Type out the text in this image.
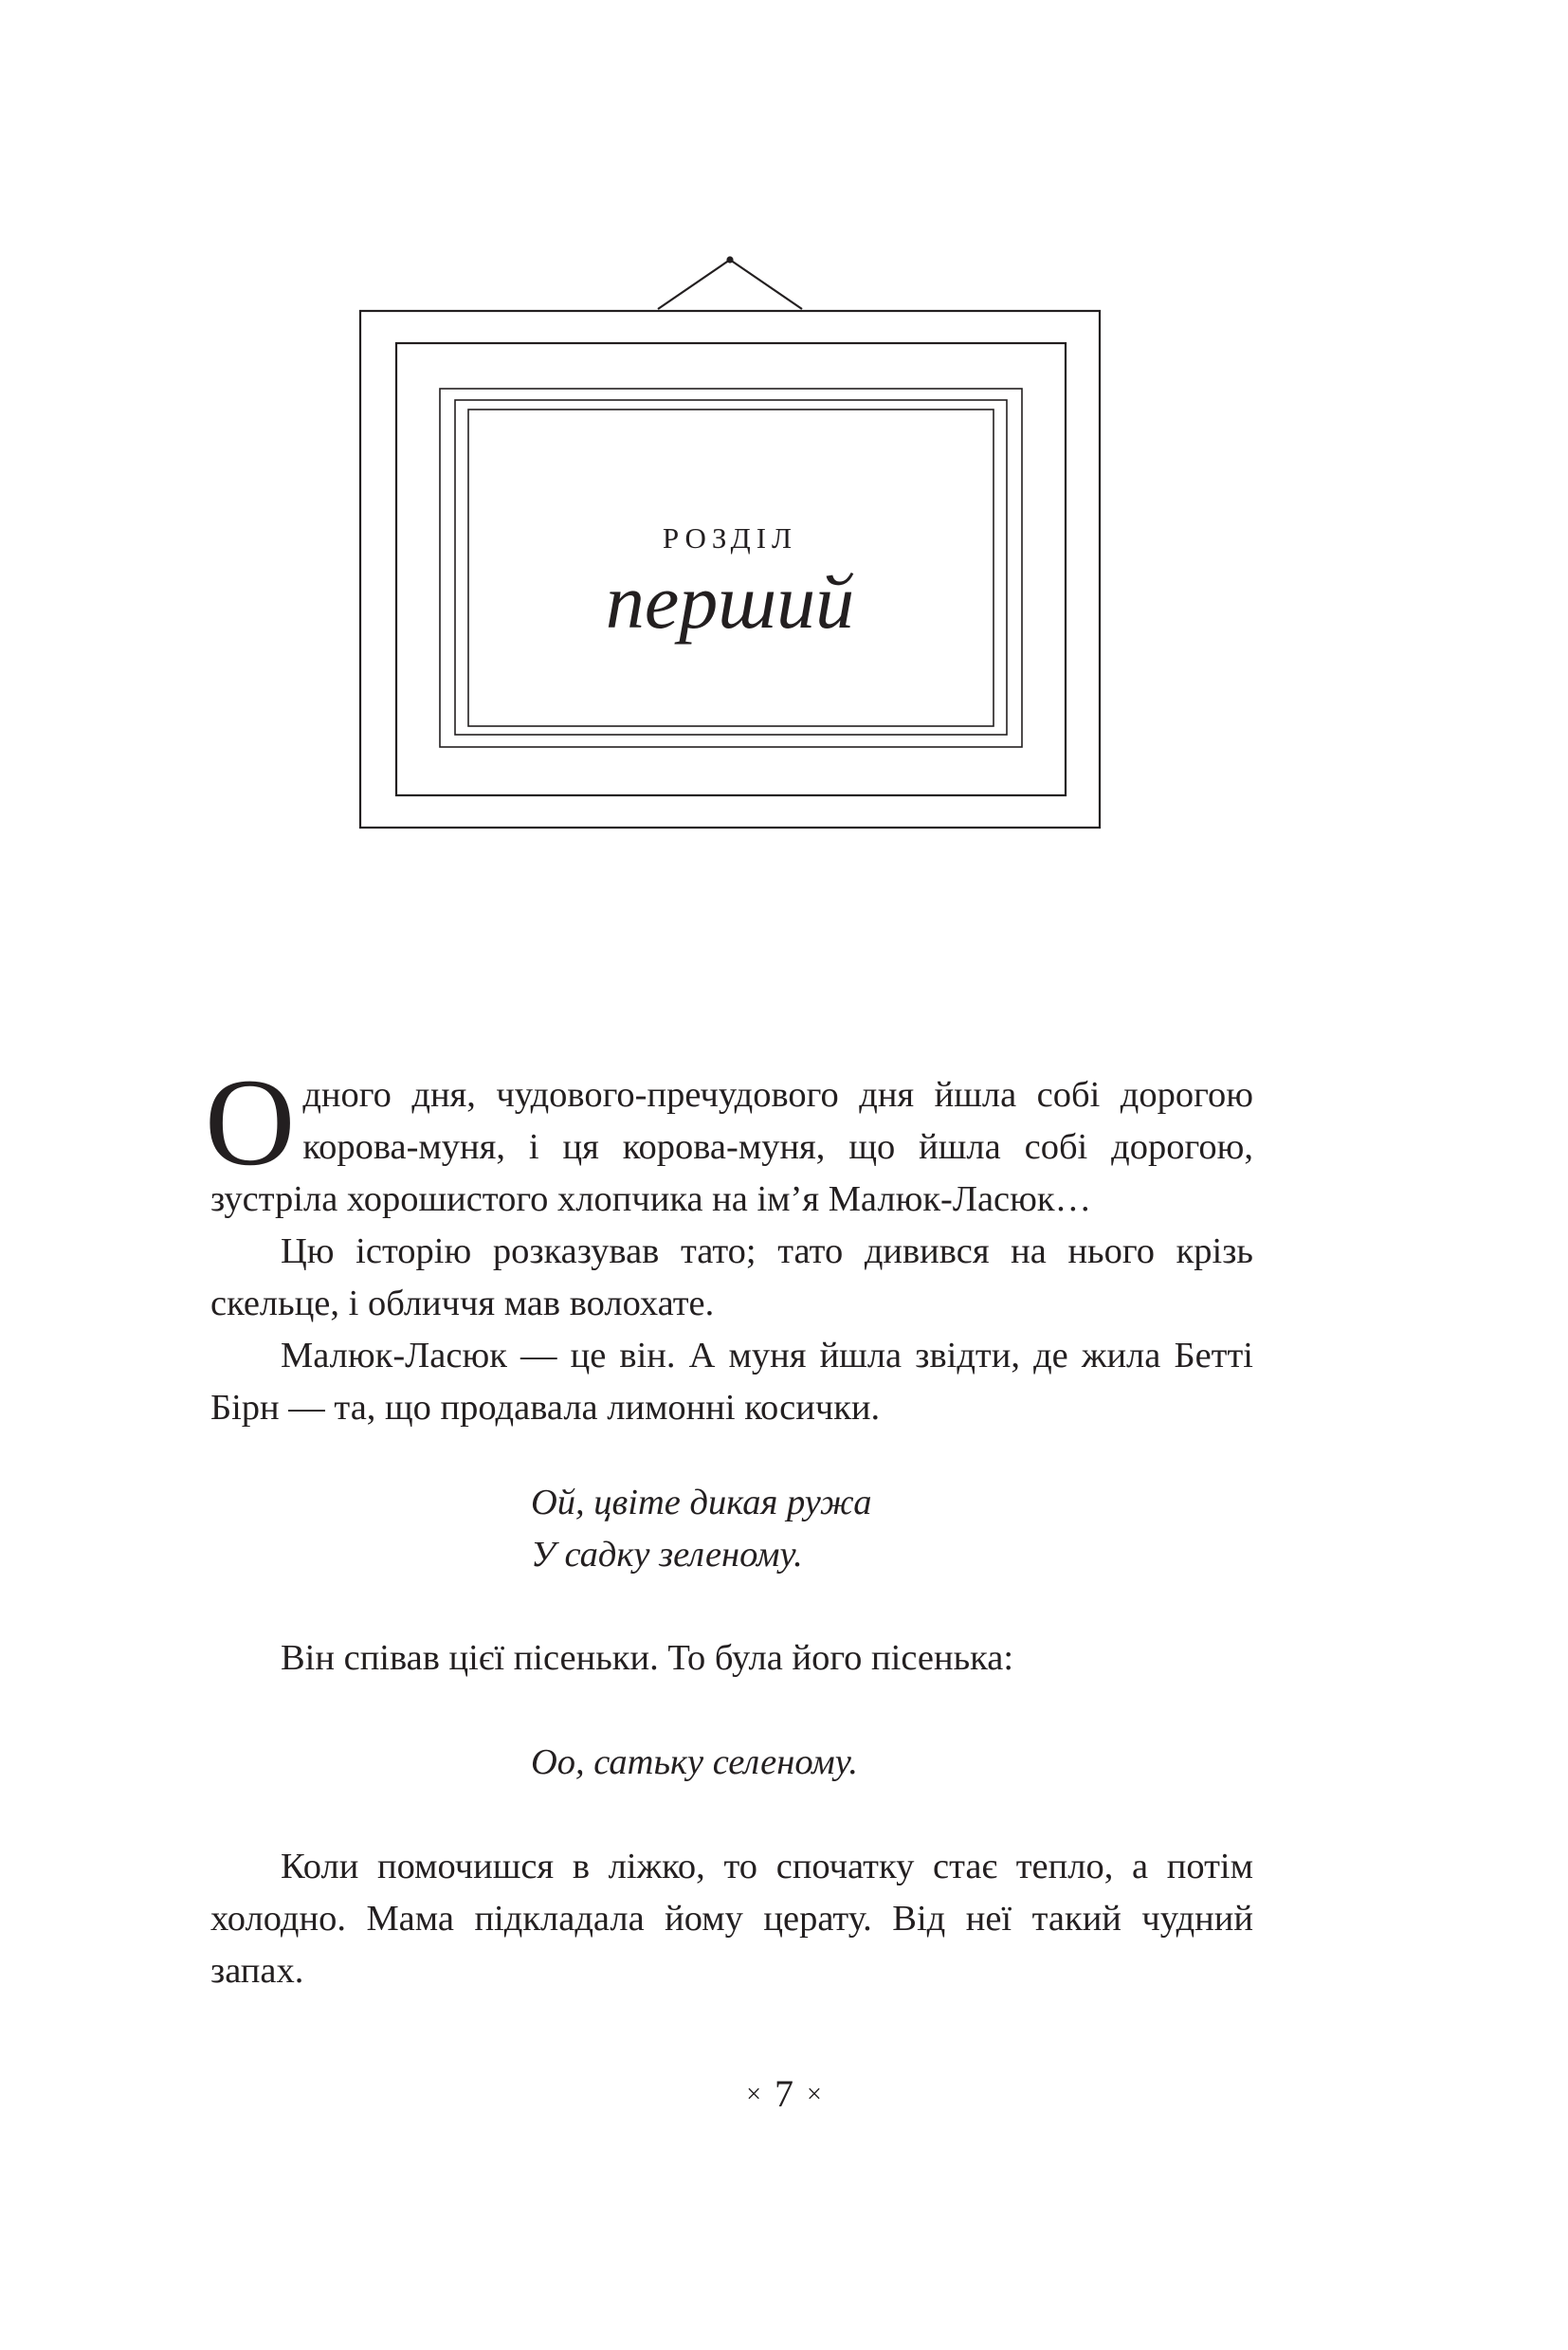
розділ
перший

Одного дня, чудового-пречудового дня йшла собі дорогою корова-муня, і ця корова-муня, що йшла собі дорогою, зустріла хорошистого хлопчика на ім’я Малюк-Ласюк…

Цю історію розказував тато; тато дивився на нього крізь скельце, і обличчя мав волохате.

Малюк-Ласюк — це він. А муня йшла звідти, де жила Бетті Бірн — та, що продавала лимонні косички.

Ой, цвіте дикая ружа
У садку зеленому.

Він співав цієї пісеньки. То була його пісенька:

Оо, сатьку селеному.

Коли помочишся в ліжко, то спочатку стає тепло, а потім холодно. Мама підкладала йому церату. Від неї такий чудний запах.

× 7 ×
